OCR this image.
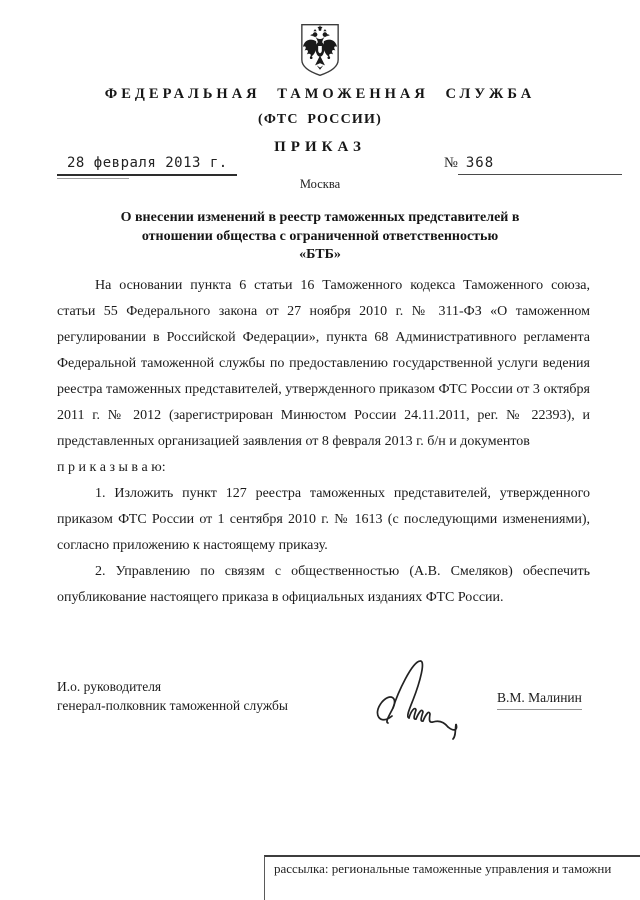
ФЕДЕРАЛЬНАЯ ТАМОЖЕННАЯ СЛУЖБА
(ФТС РОССИИ)
ПРИКАЗ
28 февраля 2013 г.	№ 368
Москва
О внесении изменений в реестр таможенных представителей в
отношении общества с ограниченной ответственностью
«БТБ»

На основании пункта 6 статьи 16 Таможенного кодекса Таможенного союза, статьи 55 Федерального закона от 27 ноября 2010 г. № 311-ФЗ «О таможенном регулировании в Российской Федерации», пункта 68 Административного регламента Федеральной таможенной службы по предоставлению государственной услуги ведения реестра таможенных представителей, утвержденного приказом ФТС России от 3 октября 2011 г. № 2012 (зарегистрирован Минюстом России 24.11.2011, рег. № 22393), и представленных организацией заявления от 8 февраля 2013 г. б/н и документов

п р и к а з ы в а ю:

1. Изложить пункт 127 реестра таможенных представителей, утвержденного приказом ФТС России от 1 сентября 2010 г. № 1613 (с последующими изменениями), согласно приложению к настоящему приказу.

2. Управлению по связям с общественностью (А.В. Смеляков) обеспечить опубликование настоящего приказа в официальных изданиях ФТС России.

И.о. руководителя
генерал-полковник таможенной службы
В.М. Малинин
рассылка: региональные таможенные управления и таможни
